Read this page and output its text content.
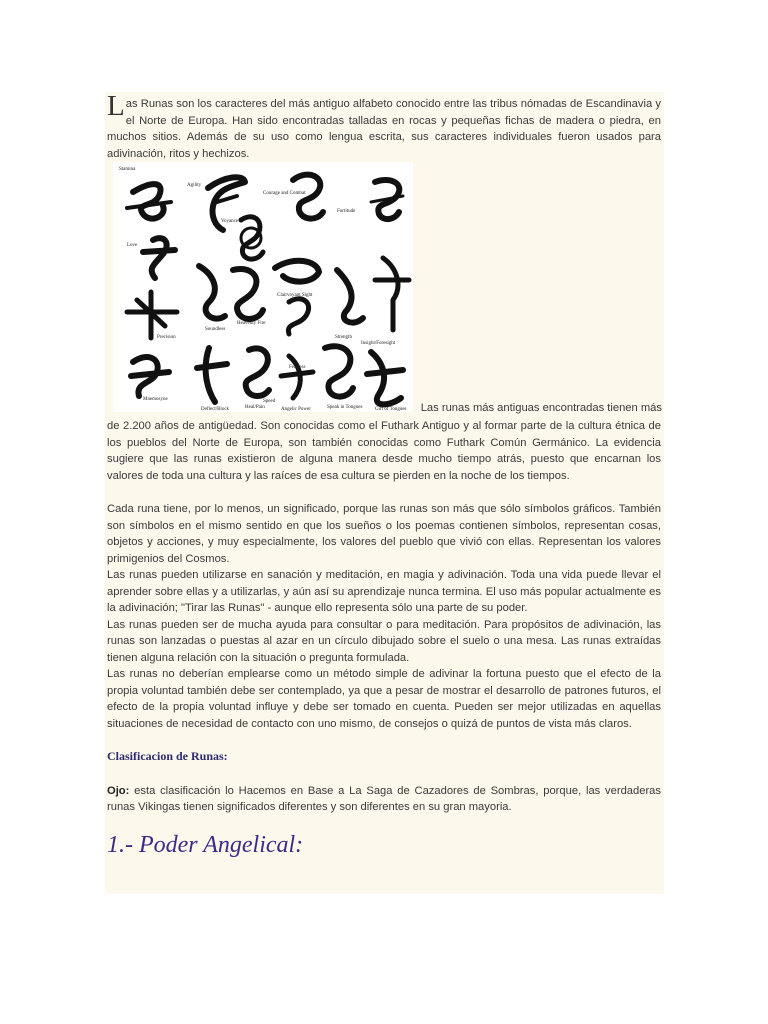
Las Runas son los caracteres del más antiguo alfabeto conocido entre las tribus nómadas de Escandinavia y el Norte de Europa. Han sido encontradas talladas en rocas y pequeñas fichas de madera o piedra, en muchos sitios. Además de su uso como lengua escrita, sus caracteres individuales fueron usados para adivinación, ritos y hechizos.

Stamina
Agility
Courage and Combat
Fortitude
Voyance
Love
Clairvoyant Sight
Strength
Insight/Foresight
Precision
Soundless
Heavenly Fire
Fearless
Mnemosyne
Deflect/Block	Heal/Pain
Speed
Angelic Power	Speak in Tongues	Gift of Tongues	Las runas más antiguas encontradas tienen más

de 2.200 años de antigüedad. Son conocidas como el Futhark Antiguo y al formar parte de la cultura étnica de los pueblos del Norte de Europa, son también conocidas como Futhark Común Germánico. La evidencia sugiere que las runas existieron de alguna manera desde mucho tiempo atrás, puesto que encarnan los valores de toda una cultura y las raíces de esa cultura se pierden en la noche de los tiempos.

Cada runa tiene, por lo menos, un significado, porque las runas son más que sólo símbolos gráficos. También son símbolos en el mismo sentido en que los sueños o los poemas contienen símbolos, representan cosas, objetos y acciones, y muy especialmente, los valores del pueblo que vivió con ellas. Representan los valores primigenios del Cosmos.

Las runas pueden utilizarse en sanación y meditación, en magia y adivinación. Toda una vida puede llevar el aprender sobre ellas y a utilizarlas, y aún así su aprendizaje nunca termina. El uso más popular actualmente es la adivinación; "Tirar las Runas" - aunque ello representa sólo una parte de su poder.

Las runas pueden ser de mucha ayuda para consultar o para meditación. Para propósitos de adivinación, las runas son lanzadas o puestas al azar en un círculo dibujado sobre el suelo o una mesa. Las runas extraídas tienen alguna relación con la situación o pregunta formulada.

Las runas no deberían emplearse como un método simple de adivinar la fortuna puesto que el efecto de la propia voluntad también debe ser contemplado, ya que a pesar de mostrar el desarrollo de patrones futuros, el efecto de la propia voluntad influye y debe ser tomado en cuenta. Pueden ser mejor utilizadas en aquellas situaciones de necesidad de contacto con uno mismo, de consejos o quizá de puntos de vista más claros.

Clasificacion de Runas:

Ojo: esta clasificación lo Hacemos en Base a La Saga de Cazadores de Sombras, porque, las verdaderas runas Vikingas tienen significados diferentes y son diferentes en su gran mayoria.

1.- Poder Angelical:
